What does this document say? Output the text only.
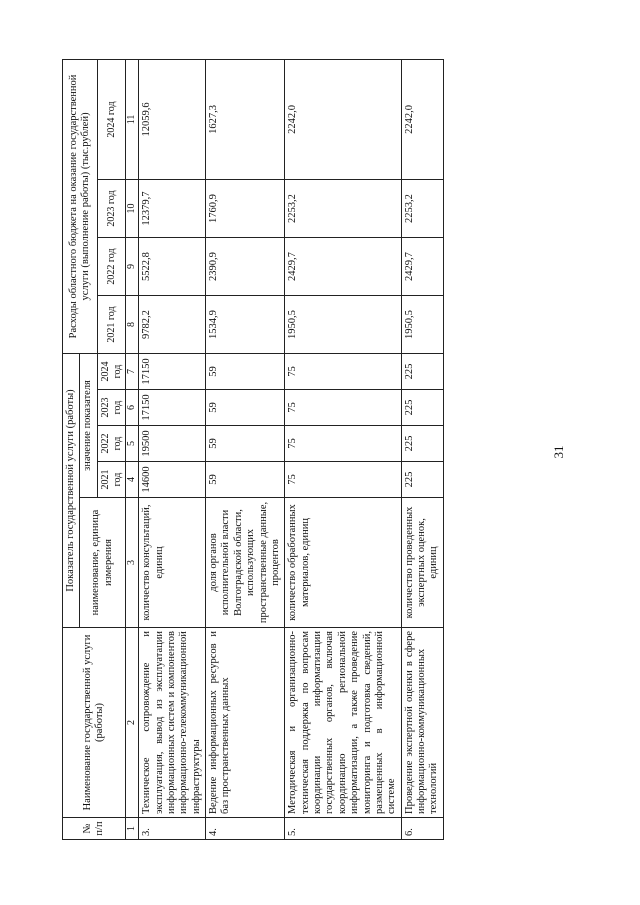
31
№ п/п	Наименование государственной услуги (работы)	Показатель государственной услуги (работы)					Расходы областного бюджета на оказание государственной услуги (выполнение работы) (тыс.рублей)			
		наименование, единица измерения	значение показателя							
			2021 год	2022 год	2023 год	2024 год	2021 год	2022 год	2023 год	2024 год
1	2	3	4	5	6	7	8	9	10	11
3.	Техническое сопровождение и эксплуатация, вывод из эксплуатации информационных систем и компонентов информационно-телекоммуникационной инфраструктуры	количество консультаций, единиц	14600	19500	17150	17150	9782,2	5522,8	12379,7	12059,6
4.	Ведение информационных ресурсов и баз пространственных данных	доля органов исполнительной власти Волгоградской области, использующих пространственные данные, процентов	59	59	59	59	1534,9	2390,9	1760,9	1627,3
5.	Методическая и организационно-техническая поддержка по вопросам координации информатизации государственных органов, включая координацию региональной информатизации, а также проведение мониторинга и подготовка сведений, размещенных в информационной системе	количество обработанных материалов, единиц	75	75	75	75	1950,5	2429,7	2253,2	2242,0
6.	Проведение экспертной оценки в сфере информационно-коммуникационных технологий	количество проведенных экспертных оценок, единиц	225	225	225	225	1950,5	2429,7	2253,2	2242,0
